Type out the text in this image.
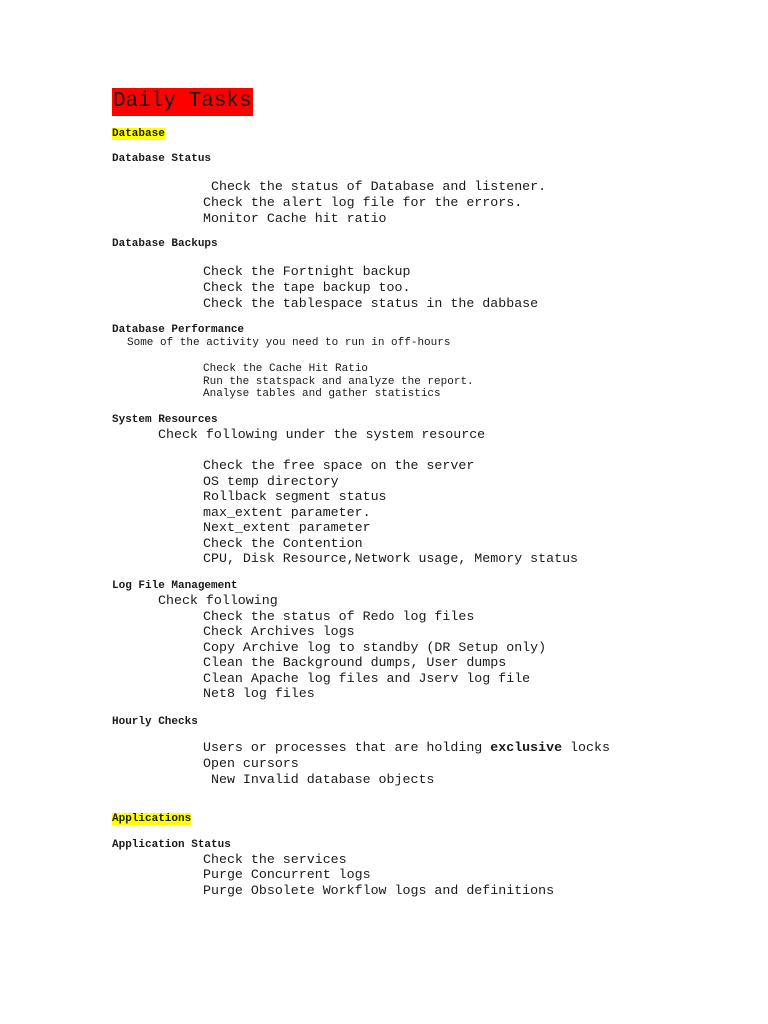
Daily Tasks
Database
Database Status
Check the status of Database and listener.
Check the alert log file for the errors.
Monitor Cache hit ratio
Database Backups
Check the Fortnight backup
Check the tape backup too.
Check the tablespace status in the dabbase
Database Performance
Some of the activity you need to run in off-hours
Check the Cache Hit Ratio
Run the statspack and analyze the report.
Analyse tables and gather statistics
System Resources
Check following under the system resource
Check the free space on the server
OS temp directory
Rollback segment status
max_extent parameter.
Next_extent parameter
Check the Contention
CPU, Disk Resource,Network usage, Memory status
Log File Management
Check following
Check the status of Redo log files
Check Archives logs
Copy Archive log to standby (DR Setup only)
Clean the Background dumps, User dumps
Clean Apache log files and Jserv log file
Net8 log files
Hourly Checks
Users or processes that are holding exclusive locks
Open cursors
New Invalid database objects
Applications
Application Status
Check the services
Purge Concurrent logs
Purge Obsolete Workflow logs and definitions
